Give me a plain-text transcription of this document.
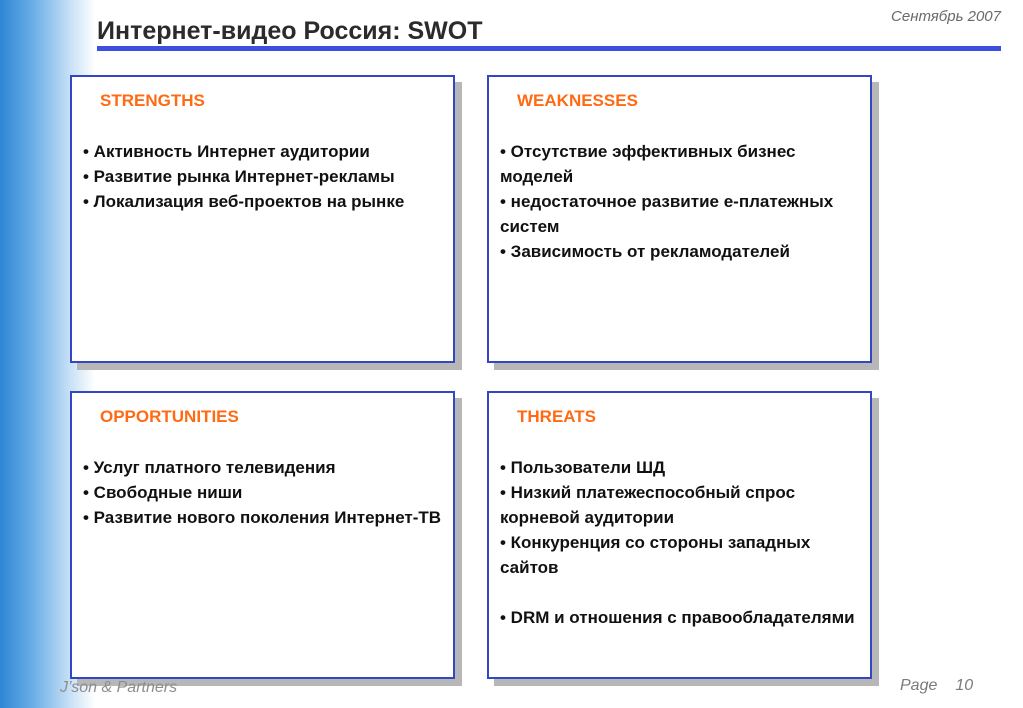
Интернет-видео Россия: SWOT
Сентябрь 2007
STRENGTHS
• Активность Интернет аудитории
• Развитие рынка Интернет-рекламы
• Локализация веб-проектов на рынке
WEAKNESSES
• Отсутствие эффективных бизнес моделей
• недостаточное развитие е-платежных систем
• Зависимость от рекламодателей
OPPORTUNITIES
• Услуг платного телевидения
• Свободные ниши
• Развитие нового поколения Интернет-ТВ
THREATS
• Пользователи ШД
• Низкий платежеспособный спрос корневой аудитории
• Конкуренция со стороны западных сайтов
• DRM и отношения с правообладателями
J’son & Partners	Page 10
